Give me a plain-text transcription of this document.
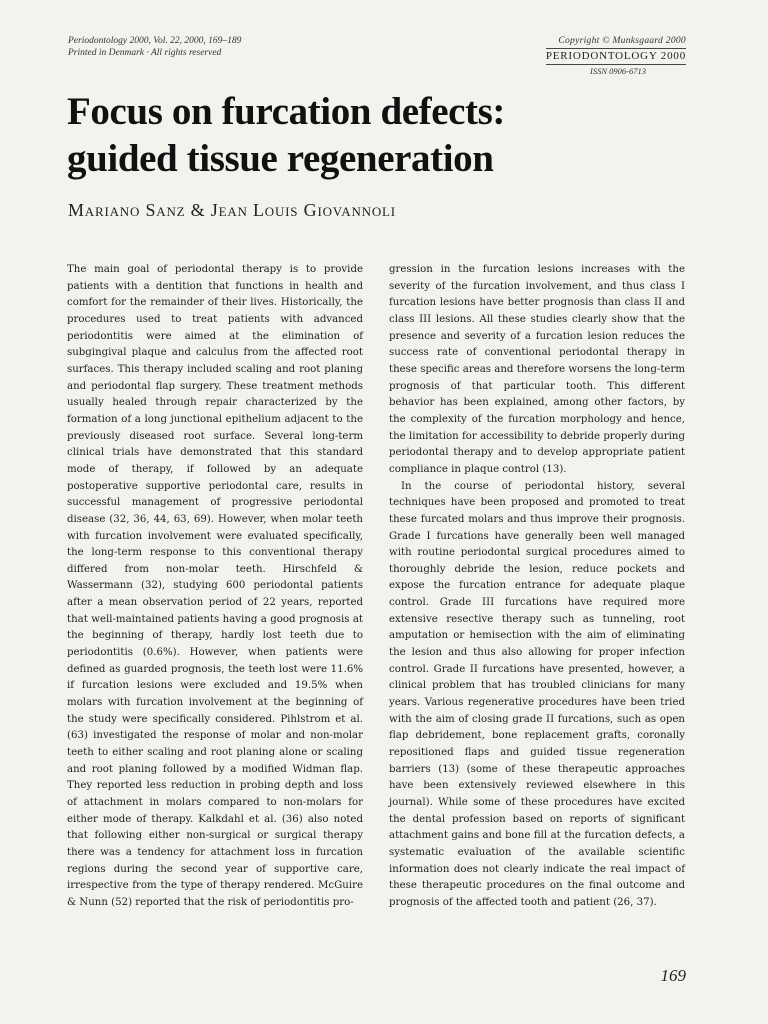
Periodontology 2000, Vol. 22, 2000, 169–189
Printed in Denmark · All rights reserved
Copyright © Munksgaard 2000
PERIODONTOLOGY 2000
ISSN 0906-6713
Focus on furcation defects:
guided tissue regeneration
Mariano Sanz & Jean Louis Giovannoli

The main goal of periodontal therapy is to provide patients with a dentition that functions in health and comfort for the remainder of their lives. Historically, the procedures used to treat patients with advanced periodontitis were aimed at the elimination of subgingival plaque and calculus from the affected root surfaces. This therapy included scaling and root planing and periodontal flap surgery. These treatment methods usually healed through repair characterized by the formation of a long junctional epithelium adjacent to the previously diseased root surface. Several long-term clinical trials have demonstrated that this standard mode of therapy, if followed by an adequate postoperative supportive periodontal care, results in successful management of progressive periodontal disease (32, 36, 44, 63, 69). However, when molar teeth with furcation involvement were evaluated specifically, the long-term response to this conventional therapy differed from non-molar teeth. Hirschfeld & Wassermann (32), studying 600 periodontal patients after a mean observation period of 22 years, reported that well-maintained patients having a good prognosis at the beginning of therapy, hardly lost teeth due to periodontitis (0.6%). However, when patients were defined as guarded prognosis, the teeth lost were 11.6% if furcation lesions were excluded and 19.5% when molars with furcation involvement at the beginning of the study were specifically considered. Pihlstrom et al. (63) investigated the response of molar and non-molar teeth to either scaling and root planing alone or scaling and root planing followed by a modified Widman flap. They reported less reduction in probing depth and loss of attachment in molars compared to non-molars for either mode of therapy. Kalkdahl et al. (36) also noted that following either non-surgical or surgical therapy there was a tendency for attachment loss in furcation regions during the second year of supportive care, irrespective from the type of therapy rendered. McGuire & Nunn (52) reported that the risk of periodontitis pro-

gression in the furcation lesions increases with the severity of the furcation involvement, and thus class I furcation lesions have better prognosis than class II and class III lesions. All these studies clearly show that the presence and severity of a furcation lesion reduces the success rate of conventional periodontal therapy in these specific areas and therefore worsens the long-term prognosis of that particular tooth. This different behavior has been explained, among other factors, by the complexity of the furcation morphology and hence, the limitation for accessibility to debride properly during periodontal therapy and to develop appropriate patient compliance in plaque control (13).

In the course of periodontal history, several techniques have been proposed and promoted to treat these furcated molars and thus improve their prognosis. Grade I furcations have generally been well managed with routine periodontal surgical procedures aimed to thoroughly debride the lesion, reduce pockets and expose the furcation entrance for adequate plaque control. Grade III furcations have required more extensive resective therapy such as tunneling, root amputation or hemisection with the aim of eliminating the lesion and thus also allowing for proper infection control. Grade II furcations have presented, however, a clinical problem that has troubled clinicians for many years. Various regenerative procedures have been tried with the aim of closing grade II furcations, such as open flap debridement, bone replacement grafts, coronally repositioned flaps and guided tissue regeneration barriers (13) (some of these therapeutic approaches have been extensively reviewed elsewhere in this journal). While some of these procedures have excited the dental profession based on reports of significant attachment gains and bone fill at the furcation defects, a systematic evaluation of the available scientific information does not clearly indicate the real impact of these therapeutic procedures on the final outcome and prognosis of the affected tooth and patient (26, 37).

169
